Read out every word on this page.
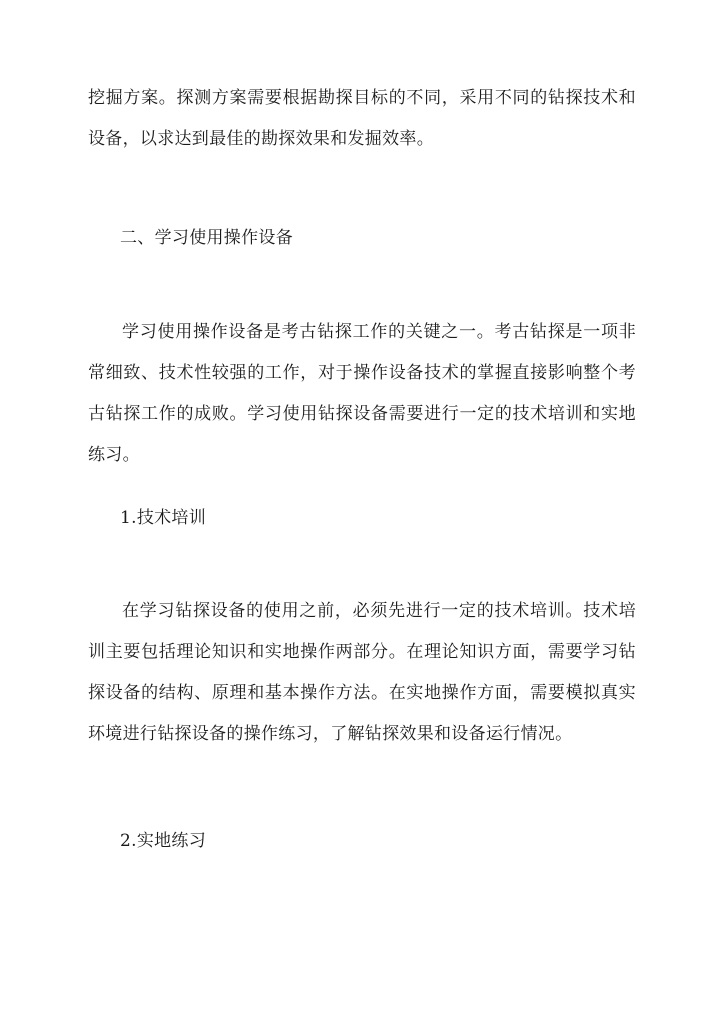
挖掘方案。探测方案需要根据勘探目标的不同，采用不同的钻探技术和设备，以求达到最佳的勘探效果和发掘效率。

二、学习使用操作设备

学习使用操作设备是考古钻探工作的关键之一。考古钻探是一项非常细致、技术性较强的工作，对于操作设备技术的掌握直接影响整个考古钻探工作的成败。学习使用钻探设备需要进行一定的技术培训和实地练习。

1.技术培训

在学习钻探设备的使用之前，必须先进行一定的技术培训。技术培训主要包括理论知识和实地操作两部分。在理论知识方面，需要学习钻探设备的结构、原理和基本操作方法。在实地操作方面，需要模拟真实环境进行钻探设备的操作练习，了解钻探效果和设备运行情况。

2.实地练习
